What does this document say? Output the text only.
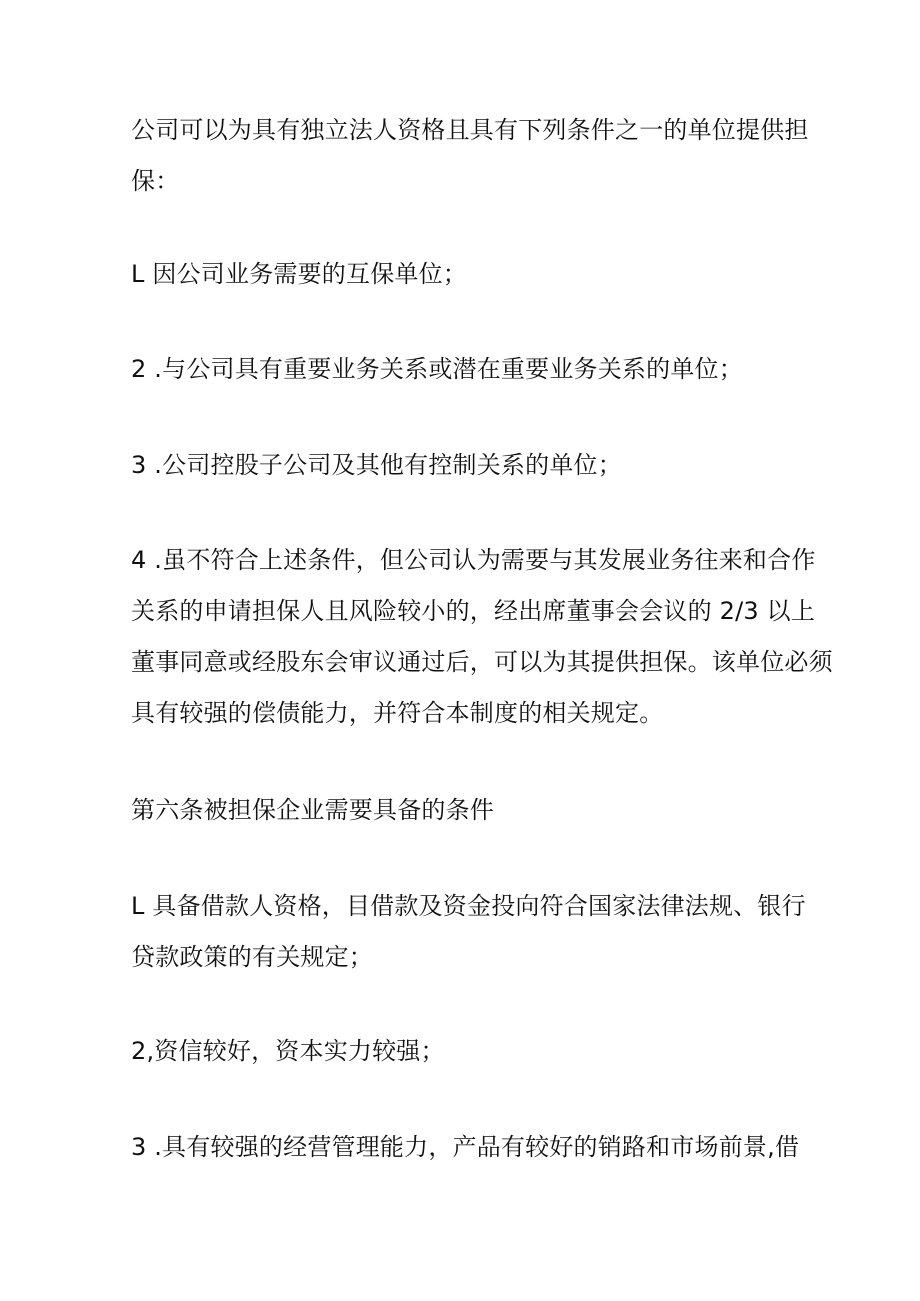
公司可以为具有独立法人资格且具有下列条件之一的单位提供担
保：

L 因公司业务需要的互保单位；

2 .与公司具有重要业务关系或潜在重要业务关系的单位；

3 .公司控股子公司及其他有控制关系的单位；

4 .虽不符合上述条件，但公司认为需要与其发展业务往来和合作
关系的申请担保人且风险较小的，经出席董事会会议的 2/3 以上
董事同意或经股东会审议通过后，可以为其提供担保。该单位必须
具有较强的偿债能力，并符合本制度的相关规定。

第六条被担保企业需要具备的条件

L 具备借款人资格，目借款及资金投向符合国家法律法规、银行
贷款政策的有关规定；

2,资信较好，资本实力较强；

3 .具有较强的经营管理能力，产品有较好的销路和市场前景,借
